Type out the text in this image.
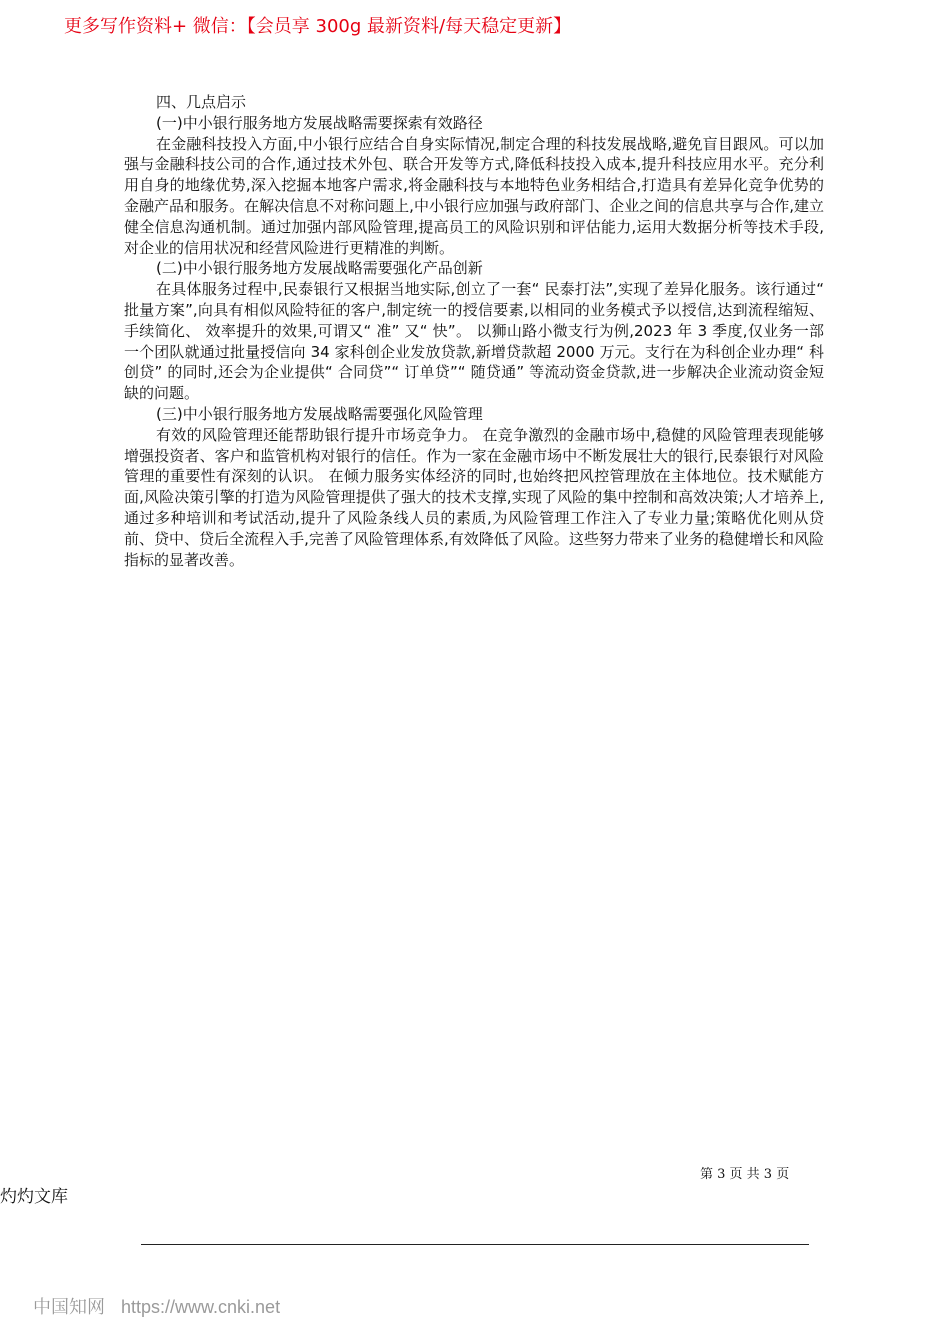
更多写作资料+ 微信：【会员享 300g 最新资料/每天稳定更新】

四、几点启示

(一)中小银行服务地方发展战略需要探索有效路径

在金融科技投入方面,中小银行应结合自身实际情况,制定合理的科技发展战略,避免盲目跟风。可以加强与金融科技公司的合作,通过技术外包、联合开发等方式,降低科技投入成本,提升科技应用水平。充分利用自身的地缘优势,深入挖掘本地客户需求,将金融科技与本地特色业务相结合,打造具有差异化竞争优势的金融产品和服务。在解决信息不对称问题上,中小银行应加强与政府部门、企业之间的信息共享与合作,建立健全信息沟通机制。通过加强内部风险管理,提高员工的风险识别和评估能力,运用大数据分析等技术手段,对企业的信用状况和经营风险进行更精准的判断。

(二)中小银行服务地方发展战略需要强化产品创新

在具体服务过程中,民泰银行又根据当地实际,创立了一套“ 民泰打法”,实现了差异化服务。该行通过“ 批量方案”,向具有相似风险特征的客户,制定统一的授信要素,以相同的业务模式予以授信,达到流程缩短、 手续简化、 效率提升的效果,可谓又“ 准” 又“ 快”。 以狮山路小微支行为例,2023 年 3 季度,仅业务一部一个团队就通过批量授信向 34 家科创企业发放贷款,新增贷款超 2000 万元。支行在为科创企业办理“ 科创贷” 的同时,还会为企业提供“ 合同贷”“ 订单贷”“ 随贷通” 等流动资金贷款,进一步解决企业流动资金短缺的问题。

(三)中小银行服务地方发展战略需要强化风险管理

有效的风险管理还能帮助银行提升市场竞争力。 在竞争激烈的金融市场中,稳健的风险管理表现能够增强投资者、客户和监管机构对银行的信任。作为一家在金融市场中不断发展壮大的银行,民泰银行对风险管理的重要性有深刻的认识。 在倾力服务实体经济的同时,也始终把风控管理放在主体地位。技术赋能方面,风险决策引擎的打造为风险管理提供了强大的技术支撑,实现了风险的集中控制和高效决策;人才培养上,通过多种培训和考试活动,提升了风险条线人员的素质,为风险管理工作注入了专业力量;策略优化则从贷前、贷中、贷后全流程入手,完善了风险管理体系,有效降低了风险。这些努力带来了业务的稳健增长和风险指标的显著改善。

第 3 页 共 3 页
灼灼文库
中国知网 https://www.cnki.net
